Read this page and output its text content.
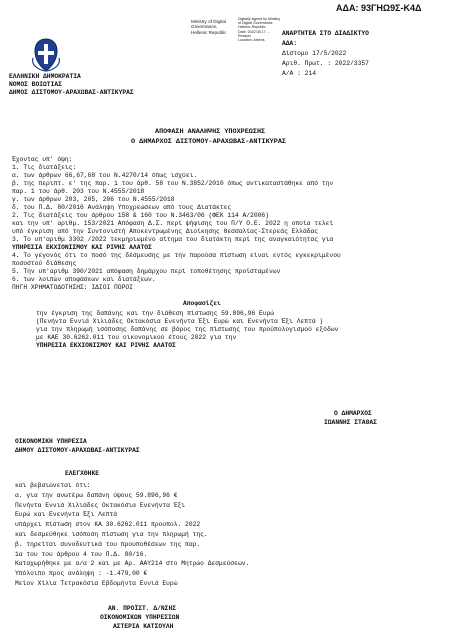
ΑΔΑ: 93ΓΗΩ9Σ-Κ4Δ
Ministry of Digital
Governance,
Hellenic Republic
Digitally signed by Ministry
of Digital Governance,
Hellenic Republic
Date: 2022.05.17 ...
Reason:
Location: Athens
ΑΝΑΡΤΗΤΕΑ ΣΤΟ ΔΙΑΔΙΚΤΥΟ
ΑΔΑ:
Δίστομο 17/5/2022
Αριθ. Πρωτ. : 2022/3357
Α/Α : 214
ΕΛΛΗΝΙΚΗ ΔΗΜΟΚΡΑΤΙΑ
ΝΟΜΟΣ ΒΟΙΩΤΙΑΣ
ΔΗΜΟΣ ΔΙΣΤΟΜΟΥ-ΑΡΑΧΩΒΑΣ-ΑΝΤΙΚΥΡΑΣ
ΑΠΟΦΑΣΗ ΑΝΑΛΗΨΗΣ ΥΠΟΧΡΕΩΣΗΣ
Ο ΔΗΜΑΡΧΟΣ ΔΙΣΤΟΜΟΥ-ΑΡΑΧΩΒΑΣ-ΑΝΤΙΚΥΡΑΣ
Έχοντας υπ' όψη:
1. Τις διατάξεις:
α. των άρθρων 66,67,68 του Ν.4270/14 όπως ισχύει.
β. της περιπτ. ε' της παρ. 1 του άρθ. 58 του Ν.3852/2010 όπως αντικαταστάθηκε από την
παρ. 1 του άρθ. 203 του Ν.4555/2018
γ. των άρθρων 203, 205, 206 του Ν.4555/2018
δ. του Π.Δ. 80/2016 Ανάληψη Υποχρεώσεων από τους Διατάκτες
2. Τις διατάξεις του άρθρου 158 & 160 του Ν.3463/06 (ΦΕΚ 114 Α/2006)
και την υπ' αριθμ. 153/2021 Απόφαση Δ.Σ. περί ψήφισης του Π/Υ Ο.Ε. 2022 η οποία τελεί
υπό έγκριση από την Συντονιστή Αποκεντρωμένης Διοίκησης Θεσσαλίας-Στερεάς Ελλάδας
3. Το υπ'αριθμ 3302 /2022 τεκμηριωμένο αίτημα του διατάκτη περί της αναγκαιότητας για
ΥΠΗΡΕΣΙΑ ΕΚΧΙΟΝΙΣΜΟΥ ΚΑΙ ΡΙΨΗΣ ΑΛΑΤΟΣ
4. Το γεγονός ότι το ποσό της δέσμευσης με την παρούσα πίστωση είναι εντός εγκεκριμένου
ποσοστού διάθεσης
5. Την υπ'αριθμ 390/2021 απόφαση δημάρχου περί τοποθέτησης προϊσταμένων
6. των λοιπών αποφάσεων και διατάξεων.
ΠΗΓΗ ΧΡΗΜΑΤΟΔΟΤΗΣΗΣ: ΙΔΙΟΙ ΠΟΡΟΙ
Αποφασίζει
την έγκριση της δαπάνης και την διάθεση πίστωσης 59.896,96 Ευρώ
(Πενήντα Εννιά Χιλιάδες Οκτακόσια Ενενήντα Έξι Ευρώ και Ενενήντα Έξι Λεπτά )
για την πληρωμή ισόποσης δαπάνης σε βάρος της πίστωσης του προϋπολογισμού εξόδων
με ΚΑΕ 30.6262.011 του οικονομικού έτους 2022 για την
ΥΠΗΡΕΣΙΑ ΕΚΧΙΟΝΙΣΜΟΥ ΚΑΙ ΡΙΨΗΣ ΑΛΑΤΟΣ
Ο ΔΗΜΑΡΧΟΣ
ΙΩΑΝΝΗΣ ΣΤΑΘΑΣ
ΟΙΚΟΝΟΜΙΚΗ ΥΠΗΡΕΣΙΑ
ΔΗΜΟΥ ΔΙΣΤΟΜΟΥ-ΑΡΑΧΩΒΑΣ-ΑΝΤΙΚΥΡΑΣ
ΕΛΕΓΧΘΗΚΕ
και βεβαιώνεται ότι:
α. για την ανωτέρω δαπάνη ύψους 59.896,96 €
Πενήντα Εννιά Χιλιάδες Οκτακόσια Ενενήντα Έξι
Ευρώ και Ενενήντα Έξι Λεπτά
υπάρχει πίστωση στον ΚΑ 30.6262.011 προυπολ. 2022
και δεσμεύθηκε ισόποση πίστωση για την πληρωμή της.
β. τηρείται συνοδευτικά του προυποθέσεων της παρ.
1α του του άρθρου 4 του Π.Δ. 80/16.
Καταχωρήθηκε με α/α 2 και με Αρ. ΑΑΥ214 στο Μητρώο Δεσμεύσεων.
Υπόλοιπο προς ανάληψη : -1.479,00 €
Μείον Χίλια Τετρακόσια Εβδομήντα Εννιά Ευρώ
ΑΝ. ΠΡΟΪΣΤ. Δ/ΝΣΗΣ
ΟΙΚΟΝΟΜΙΚΩΝ ΥΠΗΡΕΣΙΩΝ
ΑΣΤΕΡΙΑ ΚΑΤΣΟΥΛΗ
